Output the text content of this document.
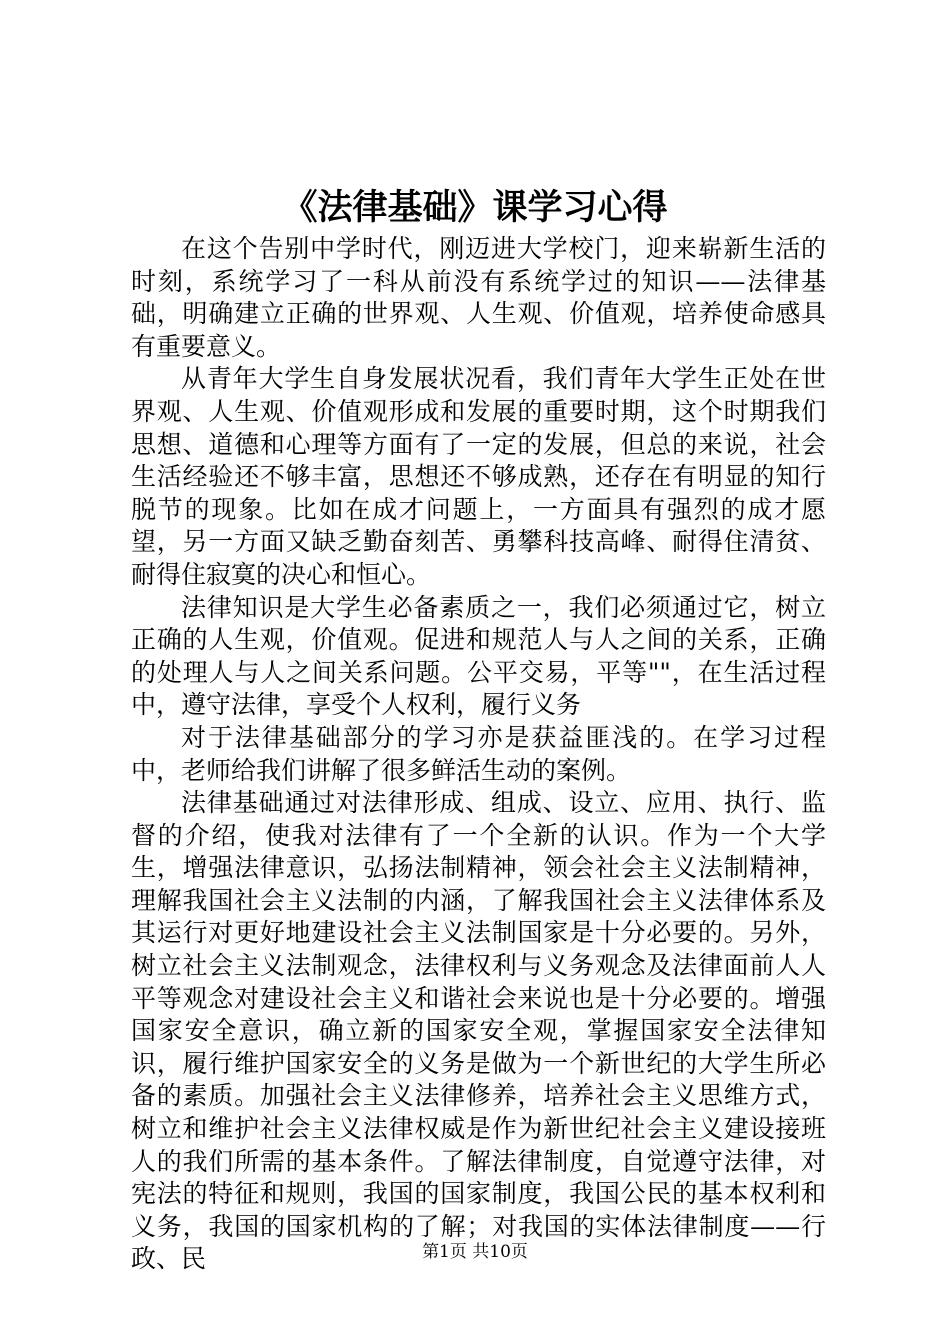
《法律基础》课学习心得

在这个告别中学时代，刚迈进大学校门，迎来崭新生活的时刻，系统学习了一科从前没有系统学过的知识——法律基础，明确建立正确的世界观、人生观、价值观，培养使命感具有重要意义。

从青年大学生自身发展状况看，我们青年大学生正处在世界观、人生观、价值观形成和发展的重要时期，这个时期我们思想、道德和心理等方面有了一定的发展，但总的来说，社会生活经验还不够丰富，思想还不够成熟，还存在有明显的知行脱节的现象。比如在成才问题上，一方面具有强烈的成才愿望，另一方面又缺乏勤奋刻苦、勇攀科技高峰、耐得住清贫、耐得住寂寞的决心和恒心。

法律知识是大学生必备素质之一，我们必须通过它，树立正确的人生观，价值观。促进和规范人与人之间的关系，正确的处理人与人之间关系问题。公平交易，平等""，在生活过程中，遵守法律，享受个人权利，履行义务

对于法律基础部分的学习亦是获益匪浅的。在学习过程中，老师给我们讲解了很多鲜活生动的案例。

法律基础通过对法律形成、组成、设立、应用、执行、监督的介绍，使我对法律有了一个全新的认识。作为一个大学生，增强法律意识，弘扬法制精神，领会社会主义法制精神，理解我国社会主义法制的内涵，了解我国社会主义法律体系及其运行对更好地建设社会主义法制国家是十分必要的。另外，树立社会主义法制观念，法律权利与义务观念及法律面前人人平等观念对建设社会主义和谐社会来说也是十分必要的。增强国家安全意识，确立新的国家安全观，掌握国家安全法律知识，履行维护国家安全的义务是做为一个新世纪的大学生所必备的素质。加强社会主义法律修养，培养社会主义思维方式，树立和维护社会主义法律权威是作为新世纪社会主义建设接班人的我们所需的基本条件。了解法律制度，自觉遵守法律，对宪法的特征和规则，我国的国家制度，我国公民的基本权利和义务，我国的国家机构的了解；对我国的实体法律制度——行政、民	第1页 共10页
